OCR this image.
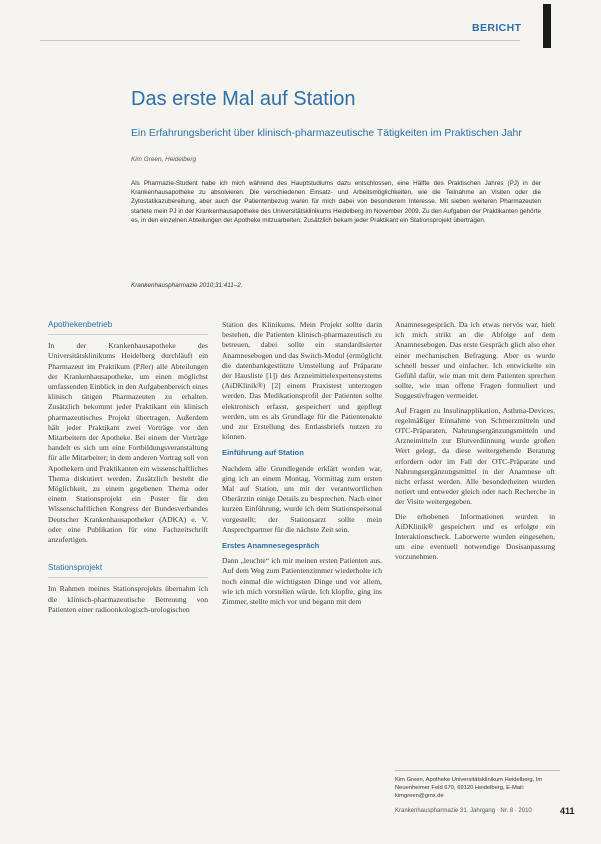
BERICHT
Das erste Mal auf Station
Ein Erfahrungsbericht über klinisch-pharmazeutische Tätigkeiten im Praktischen Jahr
Kim Green, Heidelberg
Als Pharmazie-Student habe ich mich während des Hauptstudiums dazu entschlossen, eine Hälfte des Praktischen Jahres (PJ) in der Krankenhausapotheke zu absolvieren. Die verschiedenen Einsatz- und Arbeitsmöglichkeiten, wie die Teilnahme an Visiten oder die Zytostatikazubereitung, aber auch der Patientenbezug waren für mich dabei von besonderem Interesse. Mit sieben weiteren Pharmazeuten startete mein PJ in der Krankenhausapotheke des Universitätsklinikums Heidelberg im November 2009. Zu den Aufgaben der Praktikanten gehörte es, in den einzelnen Abteilungen der Apotheke mitzuarbeiten. Zusätzlich bekam jeder Praktikant ein Stationsprojekt übertragen.
Krankenhauspharmazie 2010;31:411–2.
Apothekenbetrieb

In der Krankenhausapotheke des Universitätsklinikums Heidelberg durchläuft ein Pharmazeut im Praktikum (PJler) alle Abteilungen der Krankenhausapotheke, um einen möglichst umfassenden Einblick in den Aufgabenbereich eines klinisch tätigen Pharmazeuten zu erhalten. Zusätzlich bekommt jeder Praktikant ein klinisch pharmazeutisches Projekt übertragen. Außerdem hält jeder Praktikant zwei Vorträge vor den Mitarbeitern der Apotheke. Bei einem der Vorträge handelt es sich um eine Fortbildungsveranstaltung für alle Mitarbeiter; in dem anderen Vortrag soll von Apothekern und Praktikanten ein wissenschaftliches Thema diskutiert werden. Zusätzlich besteht die Möglichkeit, zu einem gegebenen Thema oder einem Stationsprojekt ein Poster für den Wissenschaftlichen Kongress der Bundesverbandes Deutscher Krankenhausapotheker (ADKA) e. V. oder eine Publikation für eine Fachzeitschrift anzufertigen.

Stationsprojekt

Im Rahmen meines Stationsprojekts übernahm ich die klinisch-pharmazeutische Betreuung von Patienten einer radioonkologisch-urologischen

Station des Klinikums. Mein Projekt sollte darin bestehen, die Patienten klinisch-pharmazeutisch zu betreuen, dabei sollte ein standardisierter Anamnesebogen und das Switch-Modul (ermöglicht die datenbankgestützte Umstellung auf Präparate der Hausliste [1]) des Arzneimittelexpertensystems (AiDKlinik®) [2] einem Praxistest unterzogen werden. Das Medikationsprofil der Patienten sollte elektronisch erfasst, gespeichert und gepflegt werden, um es als Grundlage für die Patientenakte und zur Erstellung des Entlassbriefs nutzen zu können.

Einführung auf Station

Nachdem alle Grundlegende erklärt worden war, ging ich an einem Montag, Vormittag zum ersten Mal auf Station, um mit der verantwortlichen Oberärztin einige Details zu besprechen. Nach einer kurzen Einführung, wurde ich dem Stationspersonal vorgestellt; der Stationsarzt sollte mein Ansprechpartner für die nächste Zeit sein.

Erstes Anamnesegespräch

Dann „leuchte“ ich mir meinen ersten Patienten aus. Auf dem Weg zum Patientenzimmer wiederholte ich noch einmal die wichtigsten Dinge und vor allem, wie ich mich vorstellen würde. Ich klopfte, ging ins Zimmer, stellte mich vor und begann mit dem

Anamnesegespräch. Da ich etwas nervös war, hielt ich mich strikt an die Abfolge auf dem Anamnesebogen. Das erste Gespräch glich also eher einer mechanischen Befragung. Aber es wurde schnell besser und einfacher. Ich entwickelte ein Gefühl dafür, wie man mit dem Patienten sprechen sollte, wie man offene Fragen formuliert und Suggestivfragen vermeidet.

Auf Fragen zu Insulinapplikation, Asthma-Devices, regelmäßiger Einnahme von Schmerzmitteln und OTC-Präparaten, Nahrungsergänzungsmitteln und Arzneimitteln zur Blutverdünnung wurde großen Wert gelegt, da diese weitergehende Beratung erfordern oder im Fall der OTC-Präparate und Nahrungsergänzungsmittel in der Anamnese oft nicht erfasst werden. Alle besonderheiten wurden notiert und entweder gleich oder nach Recherche in der Visite weitergegeben.

Die erhobenen Informationen wurden in AiDKlinik® gespeichert und es erfolgte ein Interaktionscheck. Laborwerte wurden eingesehen, um eine eventuell notwendige Dosisanpassung vorzunehmen.

Kim Green, Apotheke Universitätsklinikum Heidelberg, Im Neuenheimer Feld 670, 69120 Heidelberg, E-Mail: kimgreen@gmx.de
Krankenhauspharmazie 31. Jahrgang · Nr. 8 · 2010	411
